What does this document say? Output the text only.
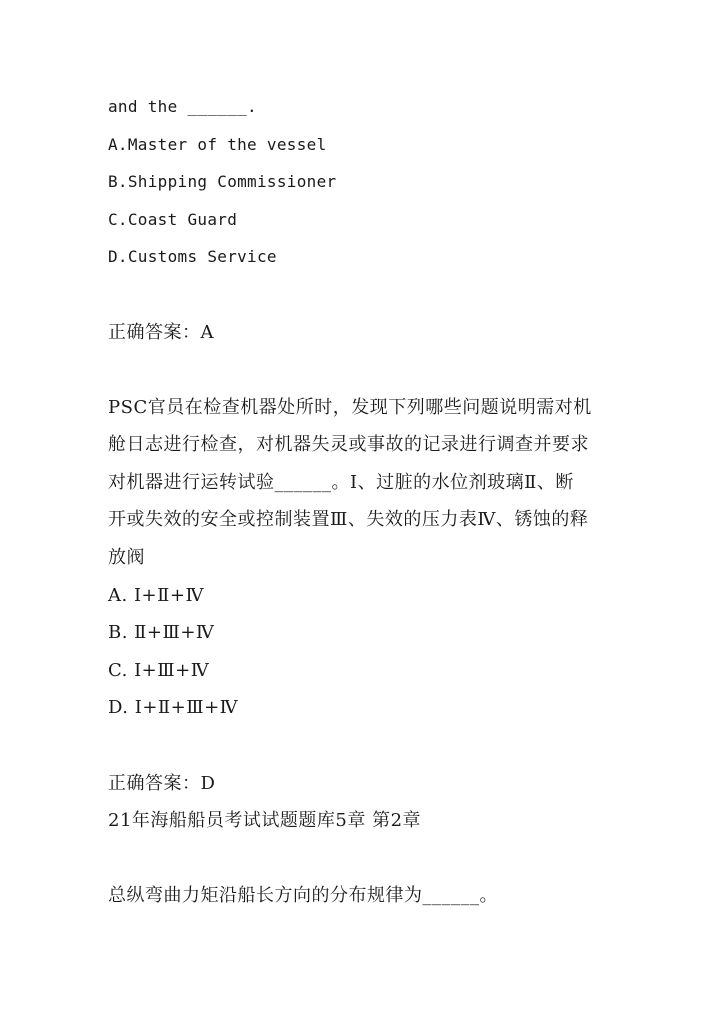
and the ______.
A.Master of the vessel
B.Shipping Commissioner
C.Coast Guard
D.Customs Service
正确答案：A
PSC官员在检查机器处所时，发现下列哪些问题说明需对机
舱日志进行检查，对机器失灵或事故的记录进行调查并要求
对机器进行运转试验______。Ⅰ、过脏的水位剂玻璃Ⅱ、断
开或失效的安全或控制装置Ⅲ、失效的压力表Ⅳ、锈蚀的释
放阀
A. Ⅰ+Ⅱ+Ⅳ
B. Ⅱ+Ⅲ+Ⅳ
C. Ⅰ+Ⅲ+Ⅳ
D. Ⅰ+Ⅱ+Ⅲ+Ⅳ
正确答案：D
21年海船船员考试试题题库5章 第2章
总纵弯曲力矩沿船长方向的分布规律为______。
